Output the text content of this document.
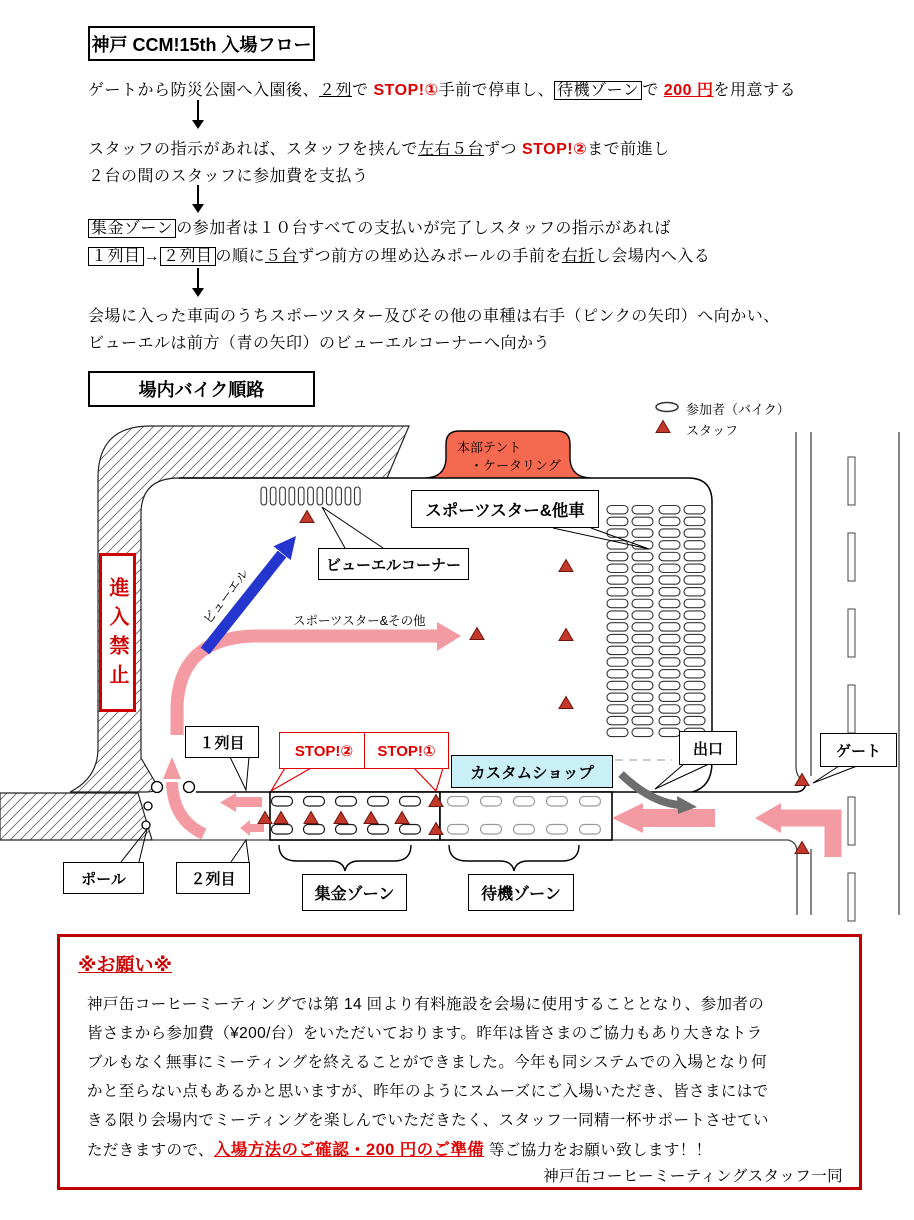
神戸 CCM!15th 入場フロー
ゲートから防災公園へ入園後、２列で STOP!①手前で停車し、 待機ゾーン で 200 円を用意する
スタッフの指示があれば、スタッフを挟んで左右５台ずつ STOP!②まで前進し
２台の間のスタッフに参加費を支払う
集金ゾーン の参加者は１０台すべての支払いが完了しスタッフの指示があれば
１列目 → ２列目 の順に５台ずつ前方の埋め込みポールの手前を右折し会場内へ入る
会場に入った車両のうちスポーツスター及びその他の車種は右手（ピンクの矢印）へ向かい、
ビューエルは前方（青の矢印）のビューエルコーナーへ向かう
場内バイク順路
参加者（バイク）
スタッフ
本部テント
・ケータリング
スポーツスター&他車
ビューエルコーナー
ビューエル	スポーツスター&その他
進入禁止
１列目
２列目
ポール
STOP!② STOP!①
カスタムショップ
出口	ゲート
集金ゾーン	待機ゾーン
※お願い※
神戸缶コーヒーミーティングでは第 14 回より有料施設を会場に使用することとなり、参加者の
皆さまから参加費（¥200/台）をいただいております。昨年は皆さまのご協力もあり大きなトラ
ブルもなく無事にミーティングを終えることができました。今年も同システムでの入場となり何
かと至らない点もあるかと思いますが、昨年のようにスムーズにご入場いただき、皆さまにはで
きる限り会場内でミーティングを楽しんでいただきたく、スタッフ一同精一杯サポートさせてい
ただきますので、入場方法のご確認・200 円のご準備 等ご協力をお願い致します！！
神戸缶コーヒーミーティングスタッフ一同
